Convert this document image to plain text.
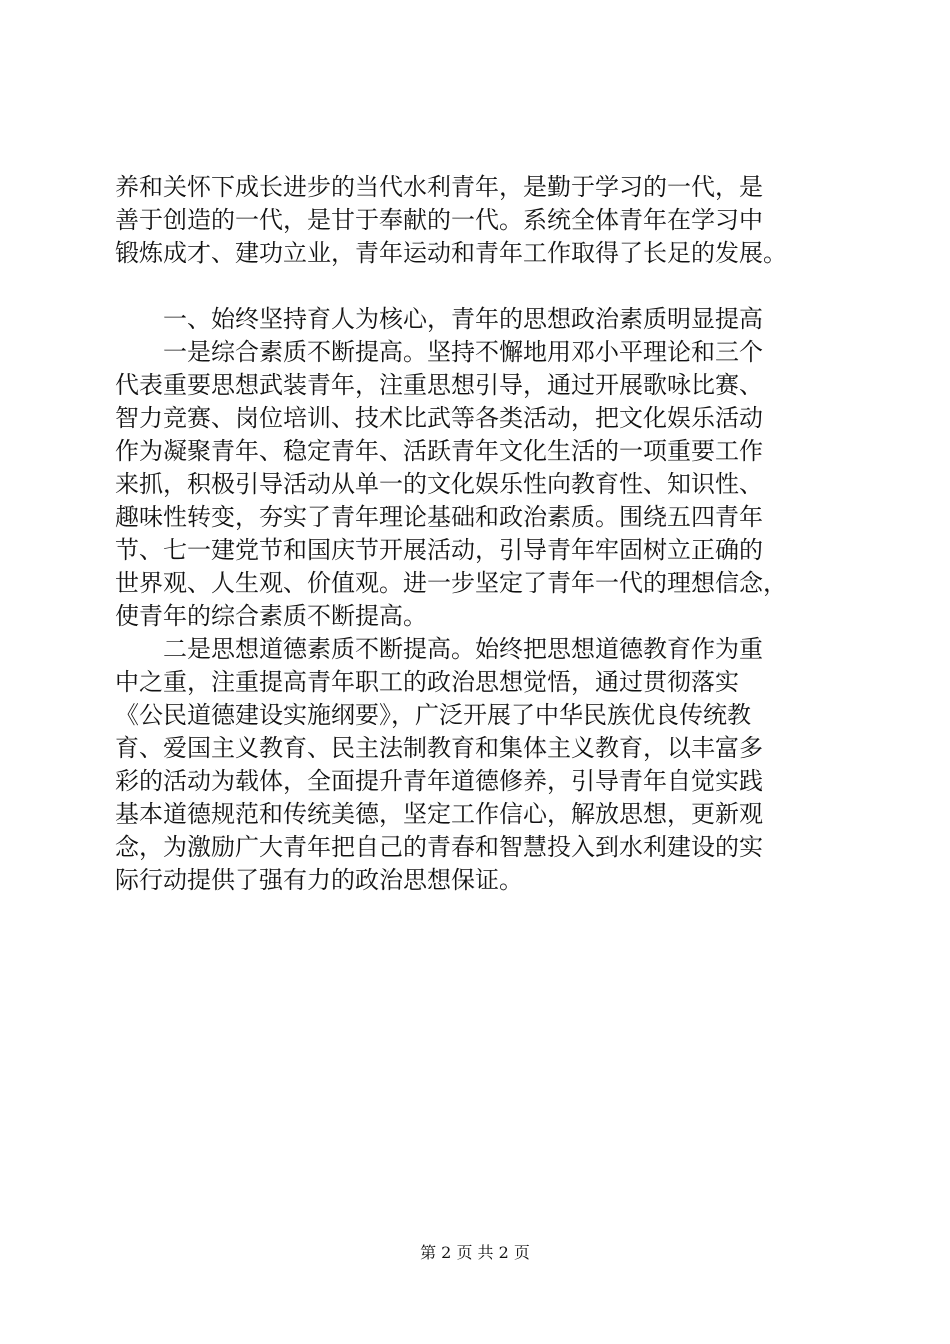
养和关怀下成长进步的当代水利青年，是勤于学习的一代，是
善于创造的一代，是甘于奉献的一代。系统全体青年在学习中
锻炼成才、建功立业，青年运动和青年工作取得了长足的发展。
一、始终坚持育人为核心，青年的思想政治素质明显提高
一是综合素质不断提高。坚持不懈地用邓小平理论和三个
代表重要思想武装青年，注重思想引导，通过开展歌咏比赛、
智力竞赛、岗位培训、技术比武等各类活动，把文化娱乐活动
作为凝聚青年、稳定青年、活跃青年文化生活的一项重要工作
来抓，积极引导活动从单一的文化娱乐性向教育性、知识性、
趣味性转变，夯实了青年理论基础和政治素质。围绕五四青年
节、七一建党节和国庆节开展活动，引导青年牢固树立正确的
世界观、人生观、价值观。进一步坚定了青年一代的理想信念，
使青年的综合素质不断提高。
二是思想道德素质不断提高。始终把思想道德教育作为重
中之重，注重提高青年职工的政治思想觉悟，通过贯彻落实
《公民道德建设实施纲要》，广泛开展了中华民族优良传统教
育、爱国主义教育、民主法制教育和集体主义教育，以丰富多
彩的活动为载体，全面提升青年道德修养，引导青年自觉实践
基本道德规范和传统美德，坚定工作信心，解放思想，更新观
念，为激励广大青年把自己的青春和智慧投入到水利建设的实
际行动提供了强有力的政治思想保证。
第 2 页 共 2 页
